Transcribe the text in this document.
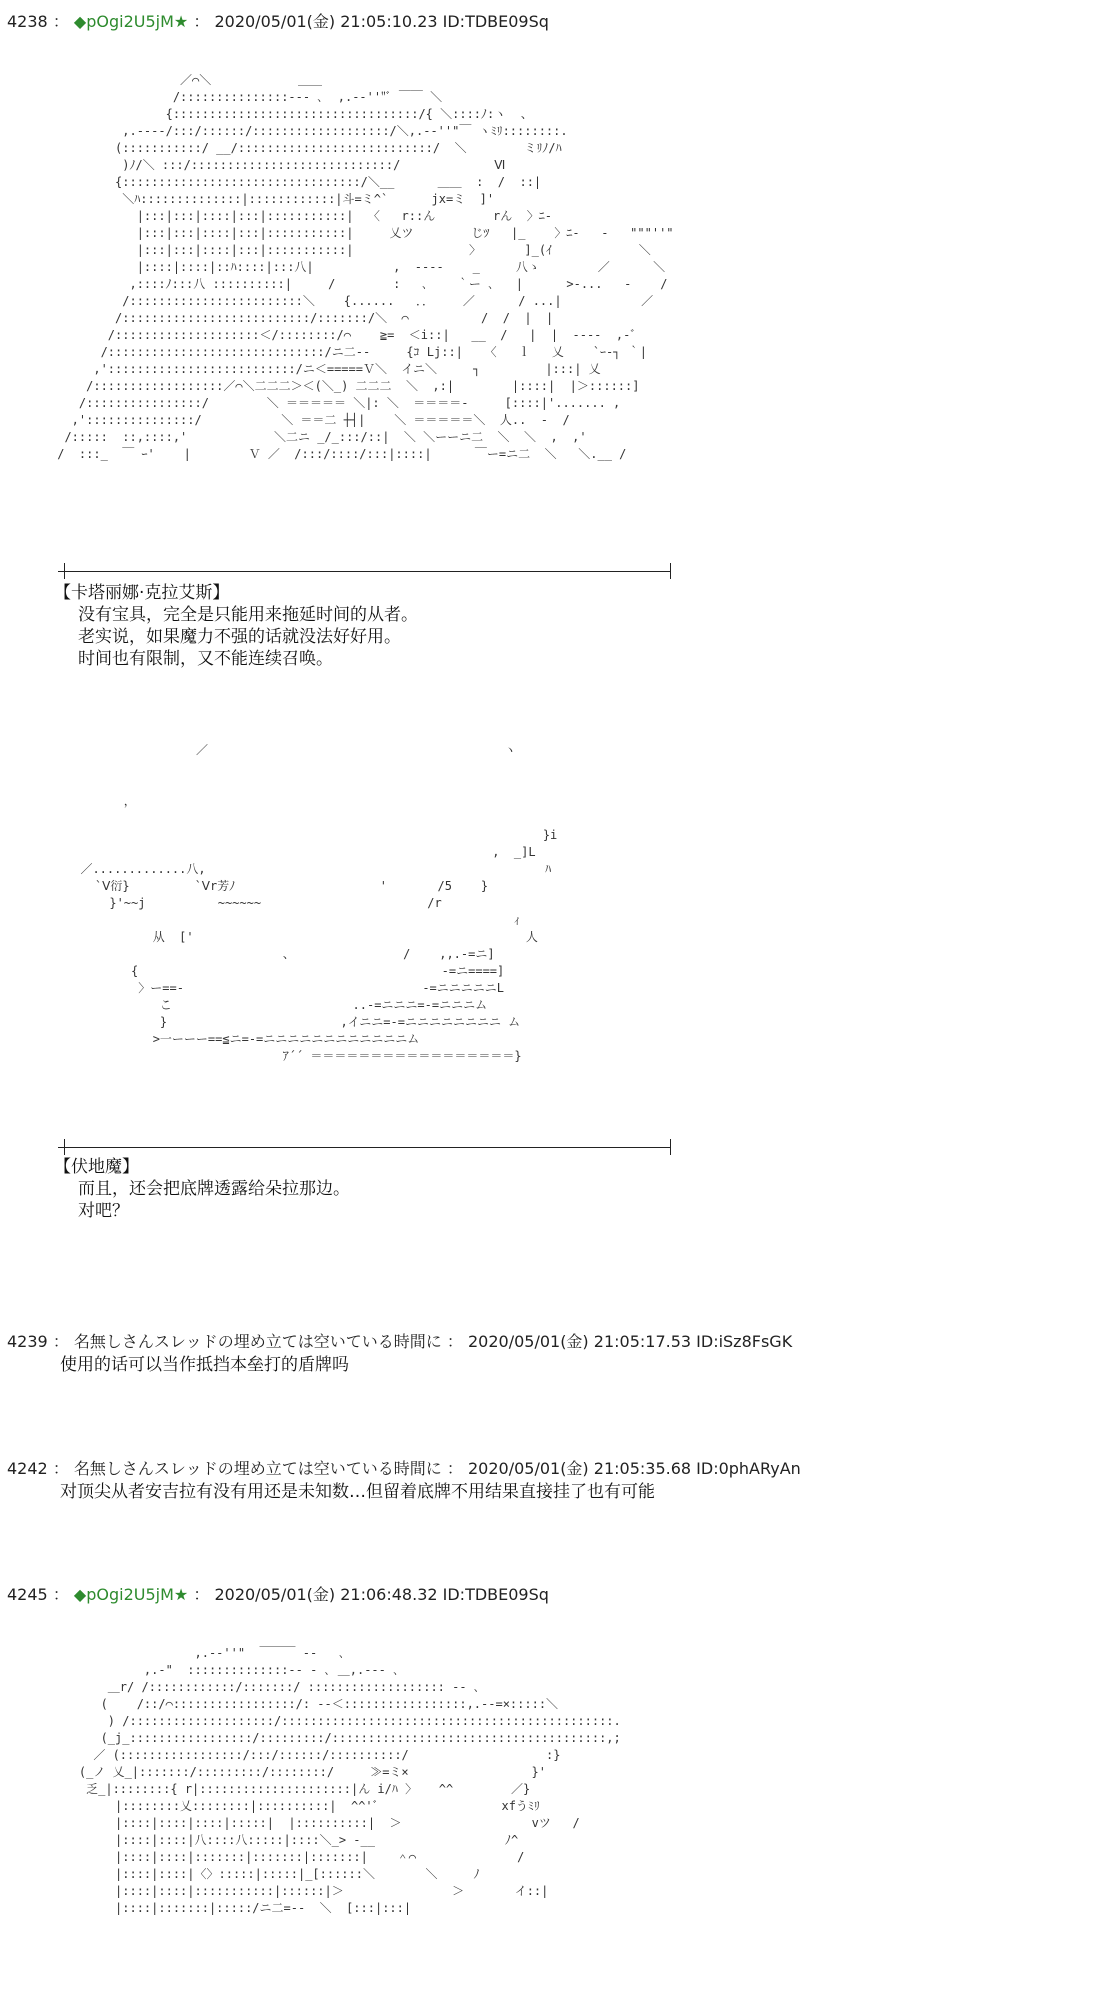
4238 ： ◆pOgi2U5jM★ ： 2020/05/01(金) 21:05:10.23 ID:TDBE09Sq
／⌒＼            ＿＿
/:::::::::::::::-‐- ､  ,.-‐''"ﾞ ￣￣ ＼
{::::::::::::::::::::::::::::::::::/{ ＼::::ﾉ:ヽ  、
,.----/:::/::::::/:::::::::::::::::::/＼,.-‐''"￣ ヽﾐﾘ::::::::.
(:::::::::::/ __/:::::::::::::::::::::::::::/  ＼        ミﾘﾉ/ﾊ
)ﾉ/＼ :::/::::::::::::::::::::::::::::/             Ⅵ
{:::::::::::::::::::::::::::::::::/＼__      ＿＿  :  /  ::|
＼ﾊ::::::::::::::|::::::::::::|斗=ミ^`      jx=ミ  ]'
|:::|:::|::::|:::|:::::::::::|  〈   r::ん        rん  〉ﾆ-
|:::|:::|::::|:::|:::::::::::|     乂ツ        じﾂ   |_    〉ﾆ-   -   """''"
|:::|:::|::::|:::|:::::::::::|                〉      ]_(ｲ            ＼
|::::|::::|::ﾊ::::|:::八|           ,  ----    _     八ゝ        ／      ＼
,::::ﾉ:::八 ::::::::::|     /        :   ､    ｀ー ､   |      >-...   ‐    /
/::::::::::::::::::::::::＼    {......   ．．    ／      / ...|           ／
/::::::::::::::::::::::::::/:::::::/＼  ⌒          /  /  |  |
/::::::::::::::::::::＜/::::::::/⌒    ≧=  ＜i::|   __  /   |  |  ----  ,-ﾞ
/::::::::::::::::::::::::::::::/ニ二-‐     {ｺ Lj::|   〈   ｌ   乂    `ｰ‐┐ ｀|
,'::::::::::::::::::::::::::/ニ＜=====Ｖ＼  イニ＼     ┐         |:::| 乂
/::::::::::::::::::／⌒＼二二二＞＜(＼_) 二二二  ＼  ,:|        |::::|  |＞::::::]
/::::::::::::::::/        ＼ ＝＝＝＝＝ ＼|: ＼  ＝＝＝＝-     [::::|'....... ,
,':::::::::::::::/           ＼ ＝＝二 ┼┤|    ＼ ＝＝＝＝＝＼  人..  -  /
/:::::  ::,::::,'            ＼二ニ _/_:::/::|  ＼ ＼ーーニ二  ＼  ＼  ,  ,'
/  :::_  ￣ ｰ'    |        Ｖ ／  /:::/::::/:::|::::|      ￣ー=ニ二  ＼   ＼.__ /
【卡塔丽娜·克拉艾斯】
没有宝具，完全是只能用来拖延时间的从者。
老实说，如果魔力不强的话就没法好好用。
时间也有限制，又不能连续召唤。
／                                         ヽ

，

}i
,  _]L
／.............八,                                               ﾊ
`Ⅴ衍}         `Ⅴr芳ﾉ                    '       /5    }
}'~~j          ~~~~~~                       /r
ｨ
从  ['                                              人
、               /    ,,.-=ニ]
{                                          -=ニ====]
〉ー==-                                 -=ニニニニニL
こ                         ..-=ニニニ=-=ニニニム
}                        ,イニニ=-=ニニニニニニニニ ム
>一ーーー==≦ニ=-=ニニニニニニニニニニニニム
ｱ´´ ＝＝＝＝＝＝＝＝＝＝＝＝＝＝＝＝＝}
【伏地魔】
而且，还会把底牌透露给朵拉那边。
对吧？
4239 ： 名無しさんスレッドの埋め立ては空いている時間に ： 2020/05/01(金) 21:05:17.53 ID:iSz8FsGK
使用的话可以当作抵挡本垒打的盾牌吗
4242 ： 名無しさんスレッドの埋め立ては空いている時間に ： 2020/05/01(金) 21:05:35.68 ID:0phARyAn
对顶尖从者安吉拉有没有用还是未知数…但留着底牌不用结果直接挂了也有可能
4245 ： ◆pOgi2U5jM★ ： 2020/05/01(金) 21:06:48.32 ID:TDBE09Sq
,.-‐''"  ￣￣￣ ‐-   ､
,.-"  ::::::::::::::-‐ - ､ ＿,.-‐- ､
＿r/ /::::::::::::/:::::::/ ::::::::::::::::::: -‐ ､
(    /::/⌒:::::::::::::::::/: --＜:::::::::::::::::,.--=×:::::＼
) /::::::::::::::::::::/::::::::::::::::::::::::::::::::::::::::::::::.
(_j_:::::::::::::::::/:::::::::/::::::::::::::::::::::::::::::::::::::,;
／ (:::::::::::::::::/:::/::::::/::::::::::/                   :}
(_ノ 乂_|:::::::/:::::::::/::::::::/     ≫=ミ×                 }'
乏_|::::::::{ r|:::::::::::::::::::::|ん i/ﾊ 〉   ^^        ／}
|::::::::乂::::::::|::::::::::|  ^^'ﾞ                 xfうﾐﾘ
|::::|::::|::::|:::::|  |::::::::::|  ＞                  vツ   /
|::::|::::|八::::八:::::|::::＼_> ‐__                  ﾉ^
|::::|::::|:::::::|:::::::|:::::::|    ＾⌒              /
|::::|::::|〈〉:::::|:::::|_[::::::＼       ＼     ﾉ
|::::|::::|:::::::::::|::::::|＞               ＞       イ::|
|::::|:::::::|:::::/ニ二=‐-  ＼  [:::|:::|
